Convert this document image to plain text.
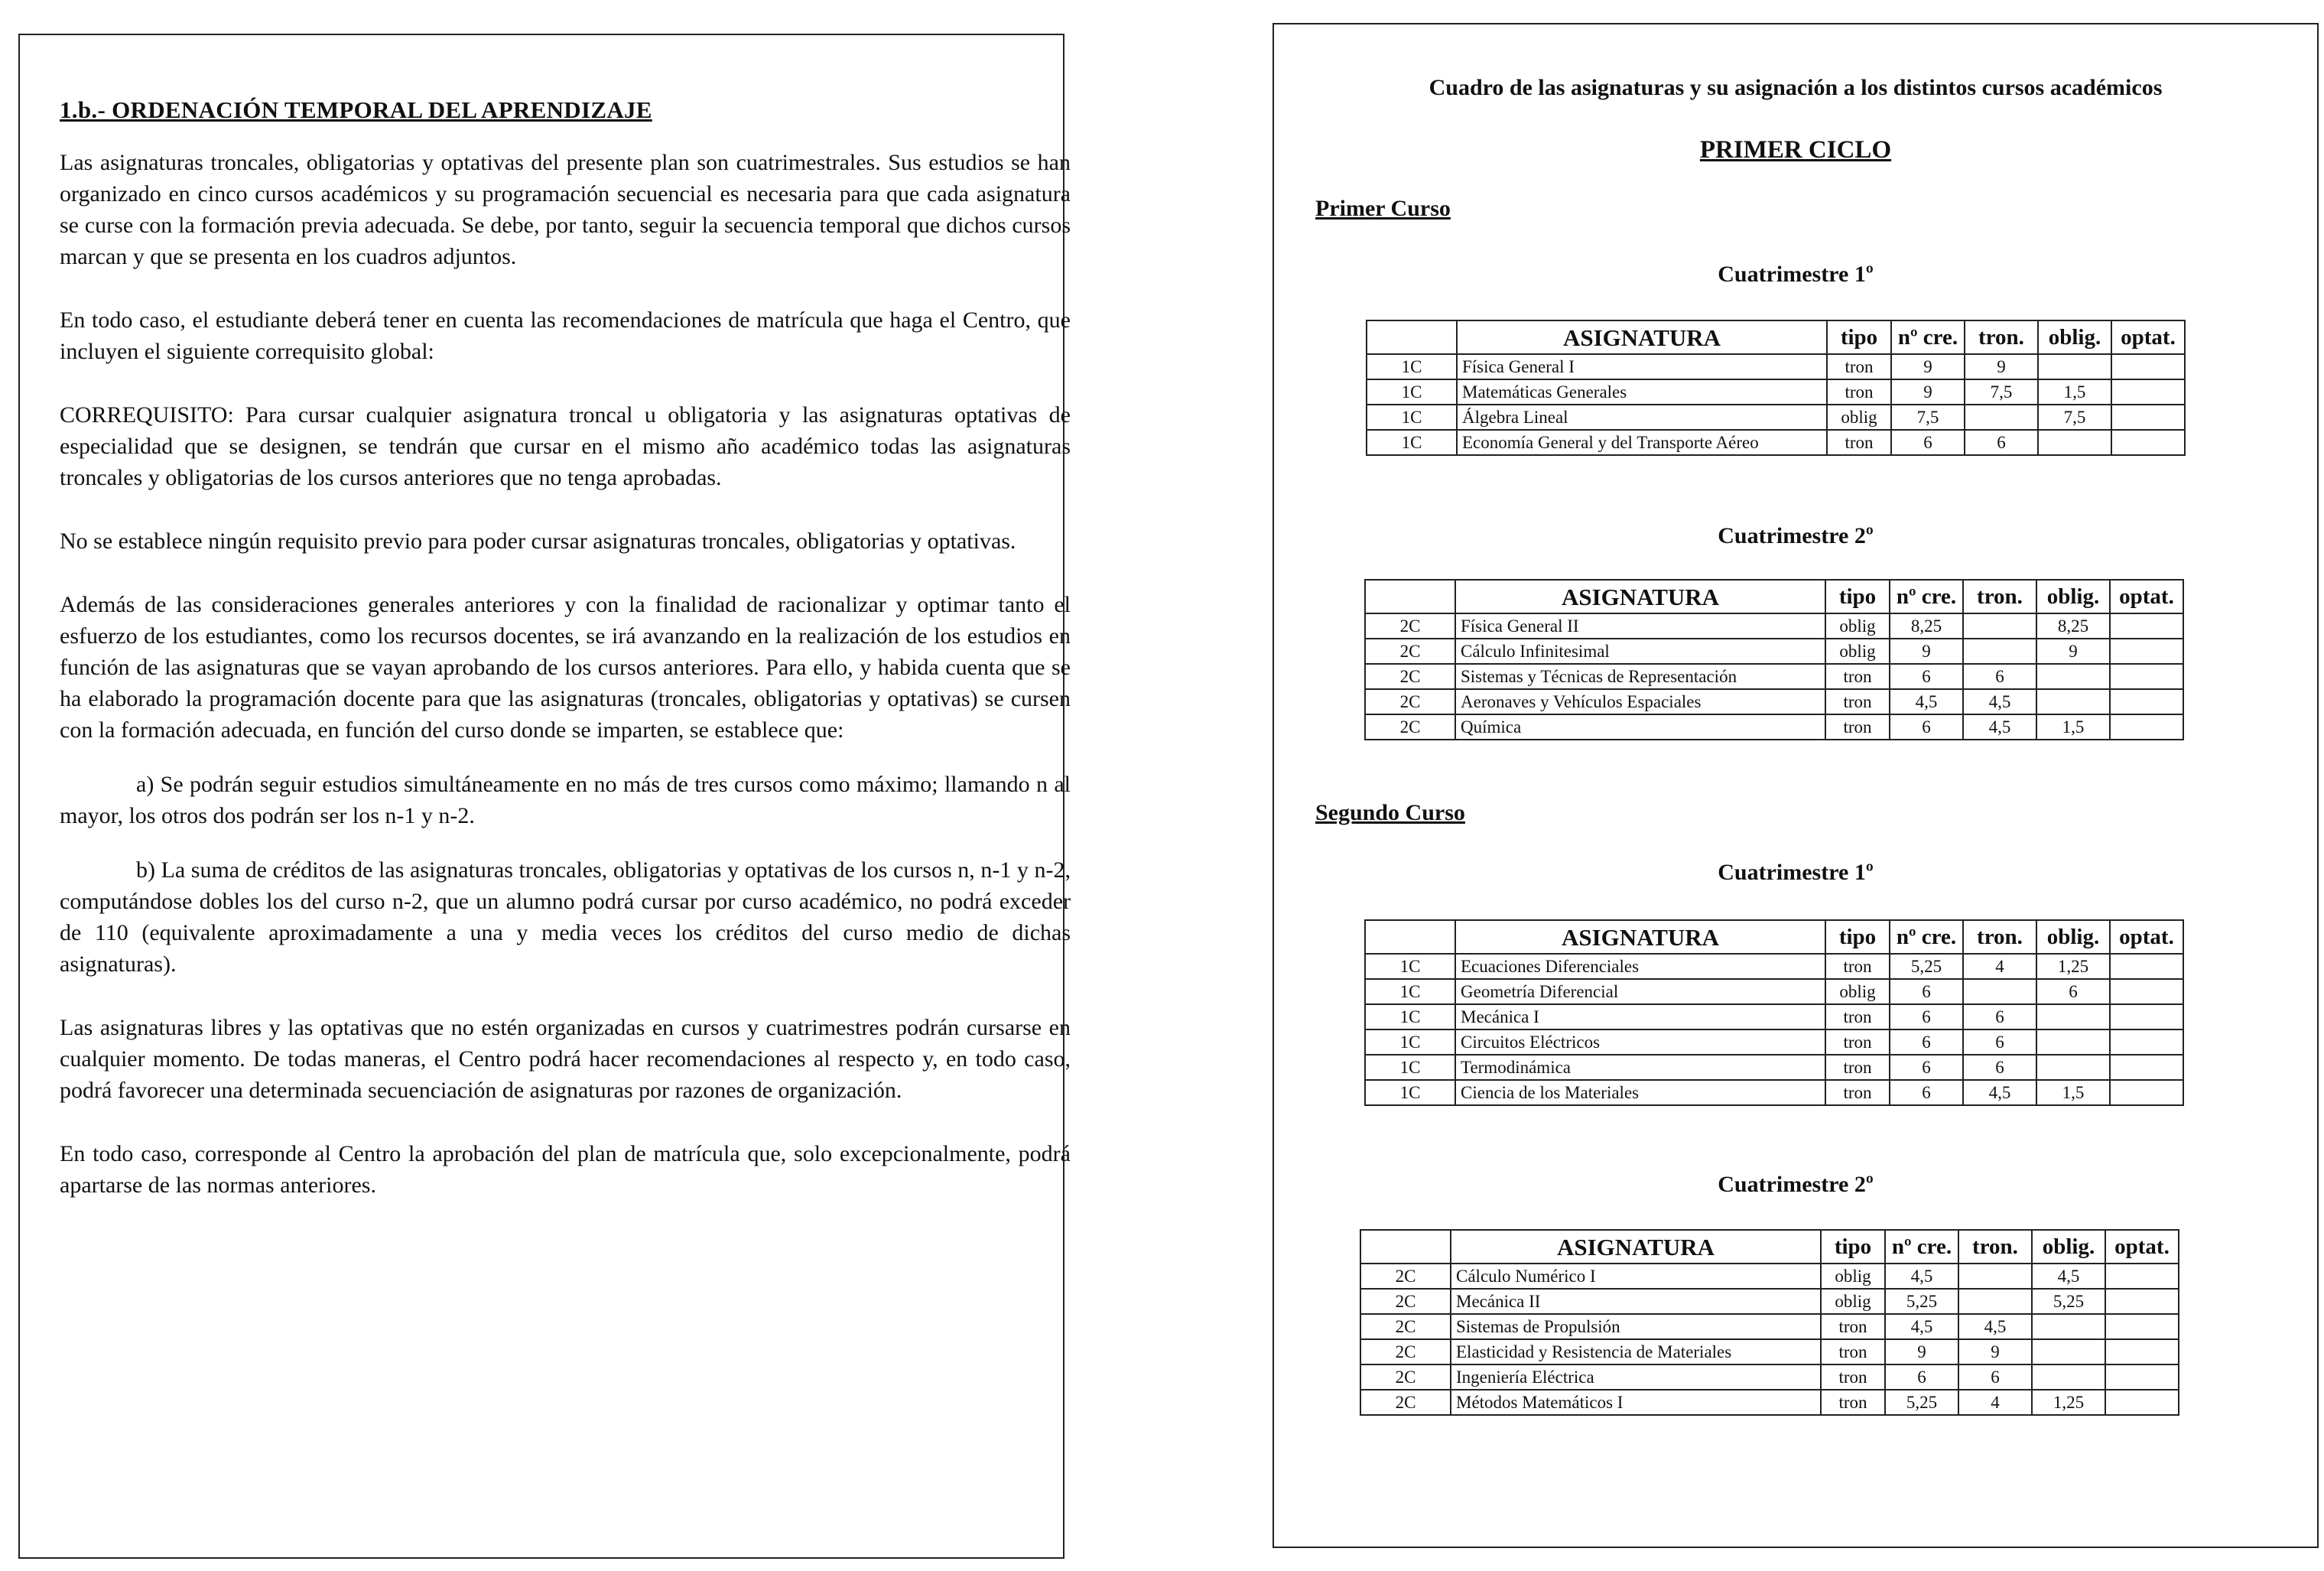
1.b.- ORDENACIÓN TEMPORAL DEL APRENDIZAJE

Las asignaturas troncales, obligatorias y optativas del presente plan son cuatrimestrales. Sus estudios se han organizado en cinco cursos académicos y su programación secuencial es necesaria para que cada asignatura se curse con la formación previa adecuada. Se debe, por tanto, seguir la secuencia temporal que dichos cursos marcan y que se presenta en los cuadros adjuntos.

En todo caso, el estudiante deberá tener en cuenta las recomendaciones de matrícula que haga el Centro, que incluyen el siguiente correquisito global:

CORREQUISITO: Para cursar cualquier asignatura troncal u obligatoria y las asignaturas optativas de especialidad que se designen, se tendrán que cursar en el mismo año académico todas las asignaturas troncales y obligatorias de los cursos anteriores que no tenga aprobadas.

No se establece ningún requisito previo para poder cursar asignaturas troncales, obligatorias y optativas.

Además de las consideraciones generales anteriores y con la finalidad de racionalizar y optimar tanto el esfuerzo de los estudiantes, como los recursos docentes, se irá avanzando en la realización de los estudios en función de las asignaturas que se vayan aprobando de los cursos anteriores. Para ello, y habida cuenta que se ha elaborado la programación docente para que las asignaturas (troncales, obligatorias y optativas) se cursen con la formación adecuada, en función del curso donde se imparten, se establece que:

a) Se podrán seguir estudios simultáneamente en no más de tres cursos como máximo; llamando n al mayor, los otros dos podrán ser los n-1 y n-2.

b) La suma de créditos de las asignaturas troncales, obligatorias y optativas de los cursos n, n-1 y n-2, computándose dobles los del curso n-2, que un alumno podrá cursar por curso académico, no podrá exceder de 110 (equivalente aproximadamente a una y media veces los créditos del curso medio de dichas asignaturas).

Las asignaturas libres y las optativas que no estén organizadas en cursos y cuatrimestres podrán cursarse en cualquier momento. De todas maneras, el Centro podrá hacer recomendaciones al respecto y, en todo caso, podrá favorecer una determinada secuenciación de asignaturas por razones de organización.

En todo caso, corresponde al Centro la aprobación del plan de matrícula que, solo excepcionalmente, podrá apartarse de las normas anteriores.

Cuadro de las asignaturas y su asignación a los distintos cursos académicos
PRIMER CICLO
Primer Curso
Cuatrimestre 1º
	ASIGNATURA	tipo	nº cre.	tron.	oblig.	optat.
1C	Física General I	tron	9	9		
1C	Matemáticas Generales	tron	9	7,5	1,5	
1C	Álgebra Lineal	oblig	7,5		7,5	
1C	Economía General y del Transporte Aéreo	tron	6	6		
Cuatrimestre 2º
	ASIGNATURA	tipo	nº cre.	tron.	oblig.	optat.
2C	Física General II	oblig	8,25		8,25	
2C	Cálculo Infinitesimal	oblig	9		9	
2C	Sistemas y Técnicas de Representación	tron	6	6		
2C	Aeronaves y Vehículos Espaciales	tron	4,5	4,5		
2C	Química	tron	6	4,5	1,5	
Segundo Curso
Cuatrimestre 1º
	ASIGNATURA	tipo	nº cre.	tron.	oblig.	optat.
1C	Ecuaciones Diferenciales	tron	5,25	4	1,25	
1C	Geometría Diferencial	oblig	6		6	
1C	Mecánica I	tron	6	6		
1C	Circuitos Eléctricos	tron	6	6		
1C	Termodinámica	tron	6	6		
1C	Ciencia de los Materiales	tron	6	4,5	1,5	
Cuatrimestre 2º
	ASIGNATURA	tipo	nº cre.	tron.	oblig.	optat.
2C	Cálculo Numérico I	oblig	4,5		4,5	
2C	Mecánica II	oblig	5,25		5,25	
2C	Sistemas de Propulsión	tron	4,5	4,5		
2C	Elasticidad y Resistencia de Materiales	tron	9	9		
2C	Ingeniería Eléctrica	tron	6	6		
2C	Métodos Matemáticos I	tron	5,25	4	1,25	
